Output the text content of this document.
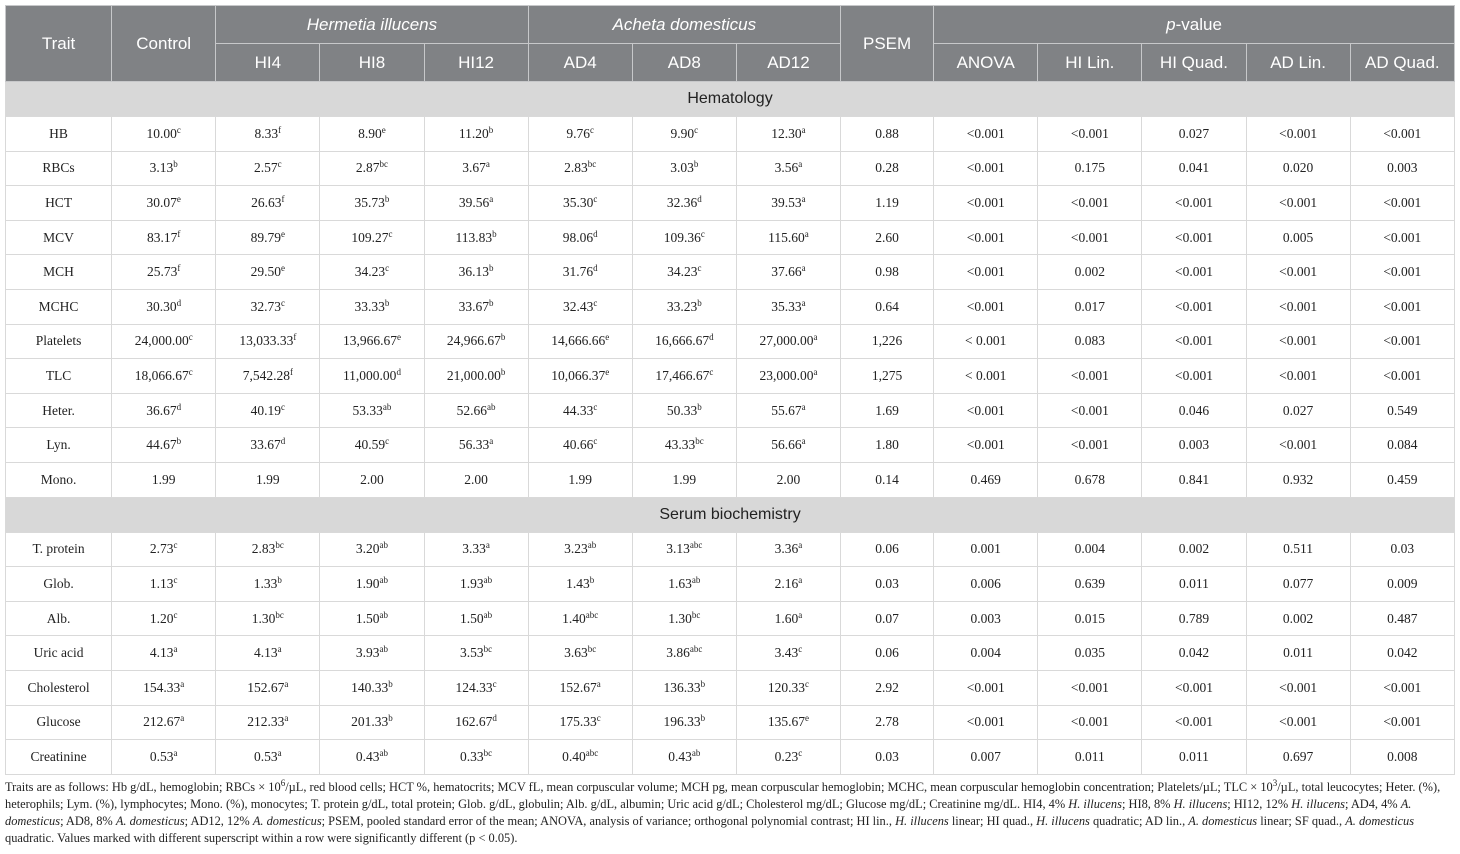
Trait	Control	Hermetia illucens			Acheta domesticus			PSEM	p-value				
		HI4	HI8	HI12	AD4	AD8	AD12		ANOVA	HI Lin.	HI Quad.	AD Lin.	AD Quad.
Hematology													
HB	10.00$^c$	8.33$^f$	8.90e	11.20$^b$	9.76$^c$	9.90$^c$	12.30$^a$	0.88	<0.001	<0.001	0.027	<0.001	<0.001
RBCs	3.13$^b$	2.57$^c$	2.87$^{bc}$	3.67$^a$	2.83$^{bc}$	3.03$^b$	3.56$^a$	0.28	<0.001	0.175	0.041	0.020	0.003
HCT	30.07e	26.63$^f$	35.73$^b$	39.56$^a$	35.30$^c$	32.36$^d$	39.53$^a$	1.19	<0.001	<0.001	<0.001	<0.001	<0.001
MCV	83.17$^f$	89.79e	109.27$^c$	113.83$^b$	98.06$^d$	109.36$^c$	115.60$^a$	2.60	<0.001	<0.001	<0.001	0.005	<0.001
MCH	25.73$^f$	29.50e	34.23$^c$	36.13$^b$	31.76$^d$	34.23$^c$	37.66$^a$	0.98	<0.001	0.002	<0.001	<0.001	<0.001
MCHC	30.30$^d$	32.73$^c$	33.33$^b$	33.67$^b$	32.43$^c$	33.23$^b$	35.33$^a$	0.64	<0.001	0.017	<0.001	<0.001	<0.001
Platelets	24,000.00$^c$	13,033.33$^f$	13,966.67e	24,966.67$^b$	14,666.66e	16,666.67$^d$	27,000.00$^a$	1,226	< 0.001	0.083	<0.001	<0.001	<0.001
TLC	18,066.67$^c$	7,542.28$^f$	11,000.00$^d$	21,000.00$^b$	10,066.37e	17,466.67$^c$	23,000.00$^a$	1,275	< 0.001	<0.001	<0.001	<0.001	<0.001
Heter.	36.67$^d$	40.19$^c$	53.33$^{ab}$	52.66$^{ab}$	44.33$^c$	50.33$^b$	55.67$^a$	1.69	<0.001	<0.001	0.046	0.027	0.549
Lyn.	44.67$^b$	33.67$^d$	40.59$^c$	56.33$^a$	40.66$^c$	43.33$^{bc}$	56.66$^a$	1.80	<0.001	<0.001	0.003	<0.001	0.084
Mono.	1.99	1.99	2.00	2.00	1.99	1.99	2.00	0.14	0.469	0.678	0.841	0.932	0.459
Serum biochemistry													
T. protein	2.73$^c$	2.83$^{bc}$	3.20$^{ab}$	3.33$^a$	3.23$^{ab}$	3.13$^{abc}$	3.36$^a$	0.06	0.001	0.004	0.002	0.511	0.03
Glob.	1.13$^c$	1.33$^b$	1.90$^{ab}$	1.93$^{ab}$	1.43$^b$	1.63$^{ab}$	2.16$^a$	0.03	0.006	0.639	0.011	0.077	0.009
Alb.	1.20$^c$	1.30$^{bc}$	1.50$^{ab}$	1.50$^{ab}$	1.40$^{abc}$	1.30$^{bc}$	1.60$^a$	0.07	0.003	0.015	0.789	0.002	0.487
Uric acid	4.13$^a$	4.13$^a$	3.93$^{ab}$	3.53$^{bc}$	3.63$^{bc}$	3.86$^{abc}$	3.43$^c$	0.06	0.004	0.035	0.042	0.011	0.042
Cholesterol	154.33$^a$	152.67$^a$	140.33$^b$	124.33$^c$	152.67$^a$	136.33$^b$	120.33$^c$	2.92	<0.001	<0.001	<0.001	<0.001	<0.001
Glucose	212.67$^a$	212.33$^a$	201.33$^b$	162.67$^d$	175.33$^c$	196.33$^b$	135.67e	2.78	<0.001	<0.001	<0.001	<0.001	<0.001
Creatinine	0.53$^a$	0.53$^a$	0.43$^{ab}$	0.33$^{bc}$	0.40$^{abc}$	0.43$^{ab}$	0.23$^c$	0.03	0.007	0.011	0.011	0.697	0.008
Traits are as follows: Hb g/dL, hemoglobin; RBCs × $10^6/\mu L$, red blood cells; HCT %, hematocrits; MCV fL, mean corpuscular volume; MCH pg, mean corpuscular hemoglobin; MCHC, mean corpuscular hemoglobin concentration; Platelets/µL; TLC × $10^3/\mu L$, total leucocytes; Heter. (%), heterophils; Lym. (%), lymphocytes; Mono. (%), monocytes; T. protein g/dL, total protein; Glob. g/dL, globulin; Alb. g/dL, albumin; Uric acid g/dL; Cholesterol mg/dL; Glucose mg/dL; Creatinine mg/dL. HI4, 4% H. illucens; HI8, 8% H. illucens; HI12, 12% H. illucens; AD4, 4% A. domesticus; AD8, 8% A. domesticus; AD12, 12% A. domesticus; PSEM, pooled standard error of the mean; ANOVA, analysis of variance; orthogonal polynomial contrast; HI lin., H. illucens linear; HI quad., H. illucens quadratic; AD lin., A. domesticus linear; SF quad., A. domesticus quadratic. Values marked with different superscript within a row were significantly different (p < 0.05).
